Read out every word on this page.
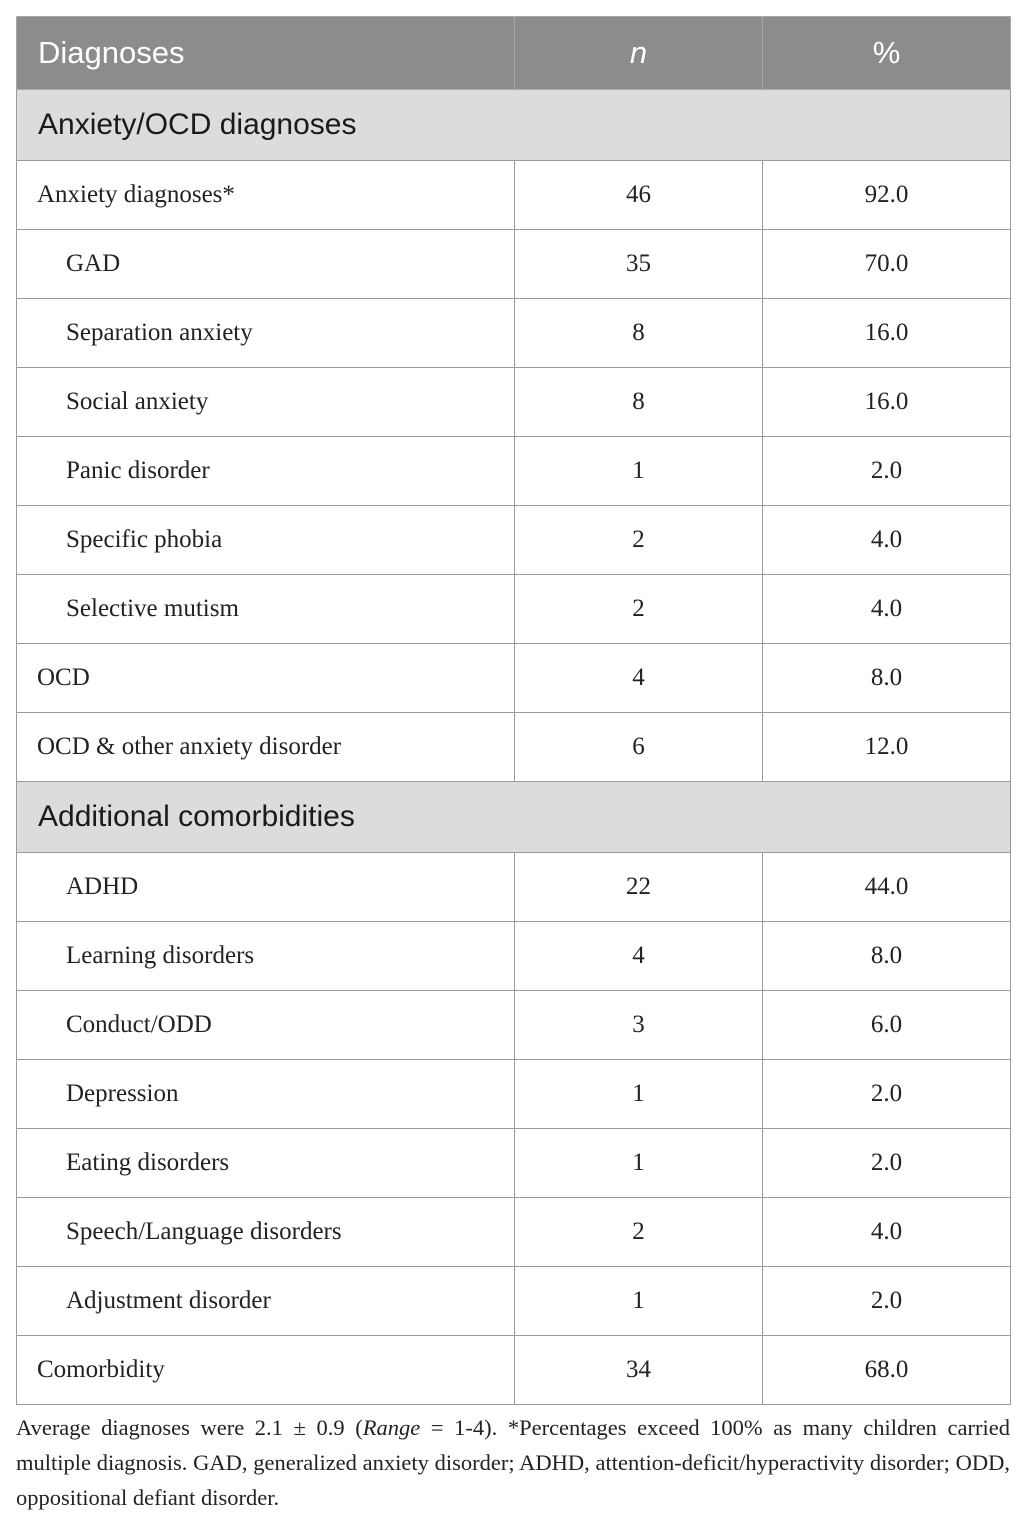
Diagnoses	n	%
Anxiety/OCD diagnoses		
Anxiety diagnoses*	46	92.0
GAD	35	70.0
Separation anxiety	8	16.0
Social anxiety	8	16.0
Panic disorder	1	2.0
Specific phobia	2	4.0
Selective mutism	2	4.0
OCD	4	8.0
OCD & other anxiety disorder	6	12.0
Additional comorbidities		
ADHD	22	44.0
Learning disorders	4	8.0
Conduct/ODD	3	6.0
Depression	1	2.0
Eating disorders	1	2.0
Speech/Language disorders	2	4.0
Adjustment disorder	1	2.0
Comorbidity	34	68.0
Average diagnoses were 2.1 ± 0.9 (Range = 1-4). *Percentages exceed 100% as many children carried multiple diagnosis. GAD, generalized anxiety disorder; ADHD, attention-deficit/hyperactivity disorder; ODD, oppositional defiant disorder.
